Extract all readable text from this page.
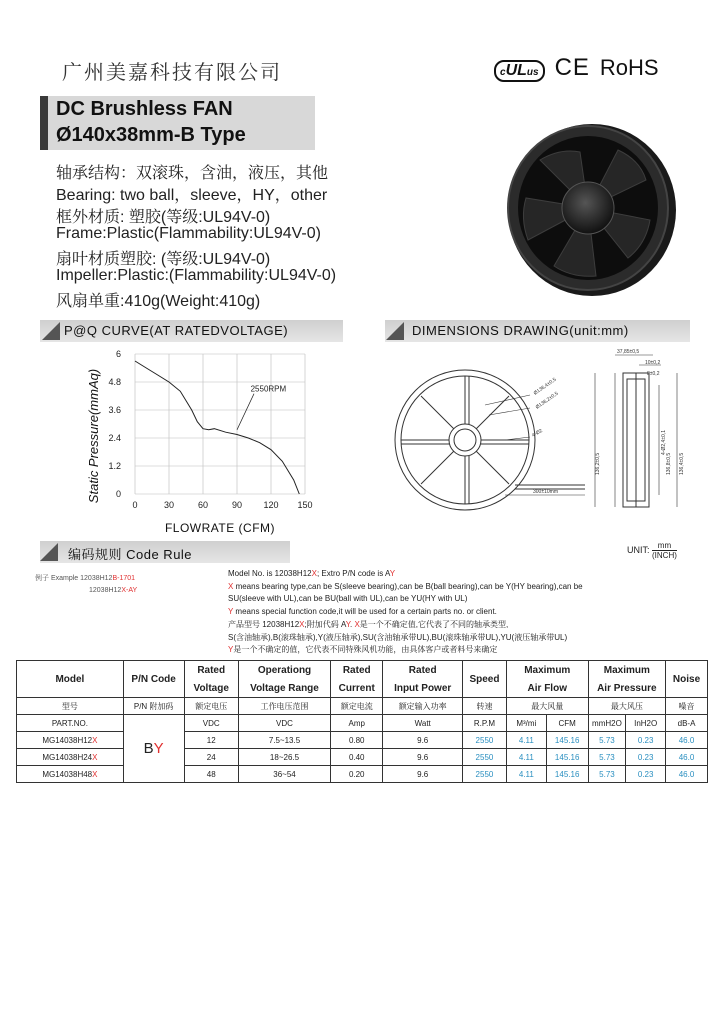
广州美嘉科技有限公司	cULus CE RoHS
DC Brushless FAN
Ø140x38mm-B Type
轴承结构：双滚珠，含油，液压，其他
Bearing: two ball，sleeve，HY，other
框外材质: 塑胶(等级:UL94V-0)
Frame:Plastic(Flammability:UL94V-0)
扇叶材质塑胶: (等级:UL94V-0)
Impeller:Plastic:(Flammability:UL94V-0)
风扇单重:410g(Weight:410g)
P@Q CURVE(AT RATEDVOLTAGE)	DIMENSIONS DRAWING(unit:mm)
0	30	60	90 120 150
6
4.8
3.6
2.4
1.2
0
FLOWRATE (CFM)
Static Pressure(mmAq)	2550RPM
37,85±0,5
10±0,2
8±0,2
Ø136,4±0,5
Ø136,2±0,5
4-Ø2
300±10mm
136,2±0,5
4-Ø2,4±0,1
136,8±0,5 136,4±0,5
编码规则 Code Rule	UNIT:	mm
(INCH)
例子 Example 12038H12B-1701
12038H12X-AY
Model No. is 12038H12X; Extro P/N code is AY
X means bearing type,can be S(sleeve bearing),can be B(ball bearing),can be Y(HY bearing),can be
SU(sleeve with UL),can be BU(ball with UL),can be YU(HY with UL)
Y means special function code,it will be used for a certain parts no. or client.
产品型号 12038H12X;附加代码 AY. X是一个不确定值,它代表了不同的轴承类型,
S(含油轴承),B(滚珠轴承),Y(液压轴承),SU(含油轴承带UL),BU(滚珠轴承带UL),YU(液压轴承带UL)
Y是一个不确定的值，它代表不同特殊风机功能，由具体客户或者料号来确定
Model	P/N Code	Rated	Operationg	Rated	Rated	Speed	Maximum		Maximum		Noise
		Voltage	Voltage Range	Current	Input Power		Air Flow		Air Pressure		
型号	P/N 附加码	额定电压	工作电压范围	额定电流	额定输入功率	转速	最大风量		最大风压		噪音
PART.NO.	BY	VDC	VDC	Amp	Watt	R.P.M	M³/mi	CFM	mmH2O	InH2O	dB-A
MG14038H12X		12	7.5~13.5	0.80	9.6	2550	4.11	145.16	5.73	0.23	46.0
MG14038H24X		24	18~26.5	0.40	9.6	2550	4.11	145.16	5.73	0.23	46.0
MG14038H48X		48	36~54	0.20	9.6	2550	4.11	145.16	5.73	0.23	46.0
